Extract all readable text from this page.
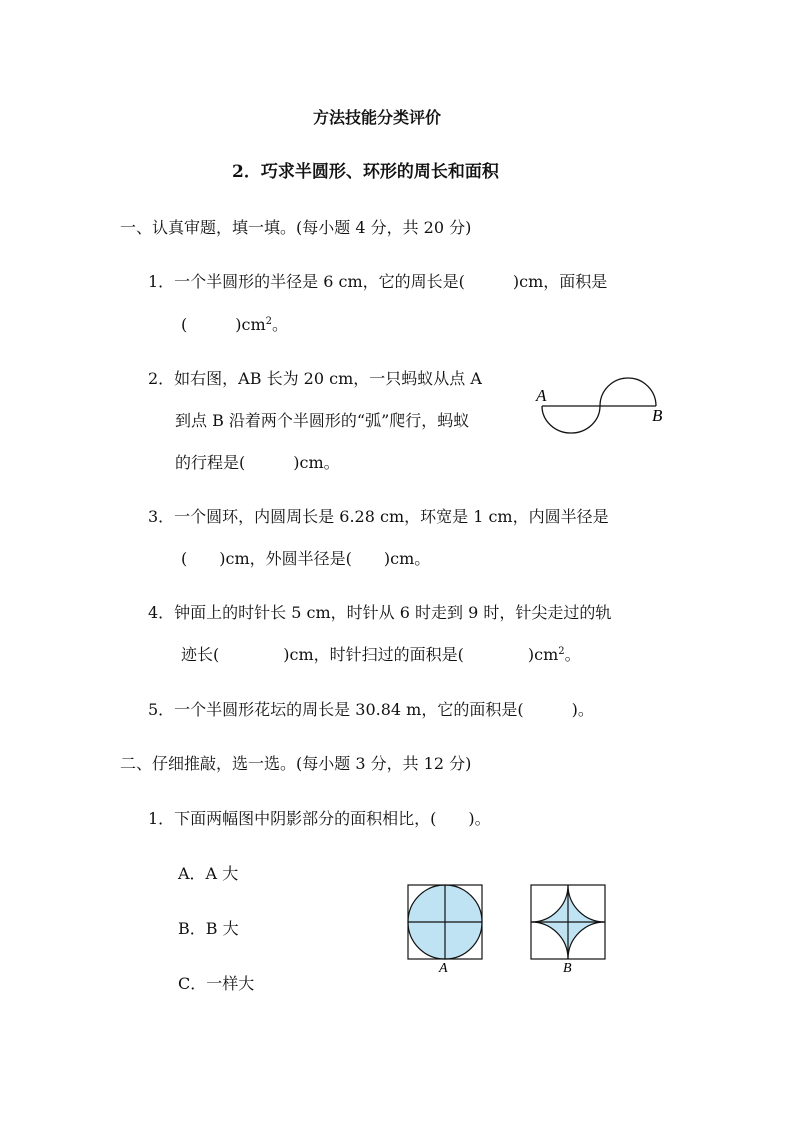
方法技能分类评价
2．巧求半圆形、环形的周长和面积
一、认真审题，填一填。(每小题 4 分，共 20 分)
1．一个半圆形的半径是 6 cm，它的周长是(　　　)cm，面积是
(　　　)$cm^2$。
2．如右图，AB 长为 20 cm，一只蚂蚁从点 A
到点 B 沿着两个半圆形的“弧”爬行，蚂蚁
的行程是(　　　)cm。
A
B
3．一个圆环，内圆周长是 6.28 cm，环宽是 1 cm，内圆半径是
(　　)cm，外圆半径是(　　)cm。
4．钟面上的时针长 5 cm，时针从 6 时走到 9 时，针尖走过的轨
迹长(　　　　)cm，时针扫过的面积是(　　　　)$cm^2$。
5．一个半圆形花坛的周长是 30.84 m，它的面积是(　　　)。
二、仔细推敲，选一选。(每小题 3 分，共 12 分)
1．下面两幅图中阴影部分的面积相比，(　　)。
A．A 大
B．B 大
C．一样大
A	B
